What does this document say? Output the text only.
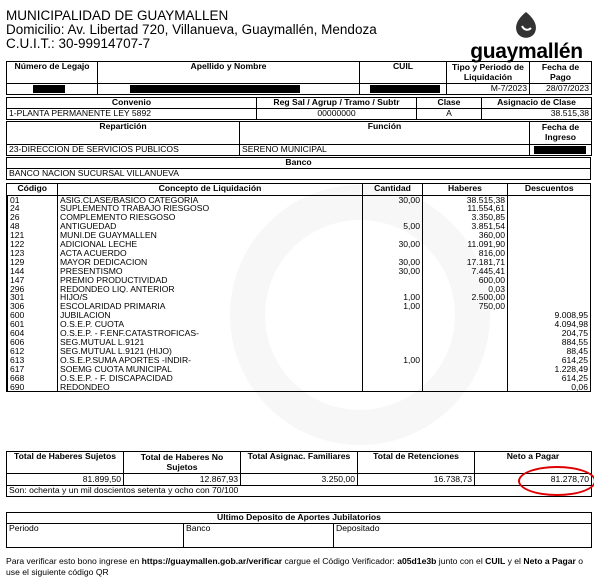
MUNICIPALIDAD DE GUAYMALLEN
Domicilio: Av. Libertad 720, Villanueva, Guaymallén, Mendoza
C.U.I.T.: 30-99914707-7	guaymallén
Número de Legajo	Apellido y Nombre	CUIL	Tipo y Periodo de Liquidación	Fecha de Pago
			M-7/2023	28/07/2023
Convenio	Reg Sal / Agrup / Tramo / Subtr	Clase	Asignacio de Clase
1-PLANTA PERMANENTE LEY 5892	00000000	A	38.515,38
Repartición	Función	Fecha de Ingreso
23-DIRECCION DE SERVICIOS PUBLICOS	SERENO MUNICIPAL	
Banco
BANCO NACION SUCURSAL VILLANUEVA
Código	Concepto de Liquidación	Cantidad	Haberes	Descuentos
01	ASIG.CLASE/BASICO CATEGORIA	30,00	38.515,38	
24	SUPLEMENTO TRABAJO RIESGOSO		11.554,61	
26	COMPLEMENTO RIESGOSO		3.350,85	
48	ANTIGUEDAD	5,00	3.851,54	
121	MUNI.DE GUAYMALLEN		360,00	
122	ADICIONAL LECHE	30,00	11.091,90	
123	ACTA ACUERDO		816,00	
129	MAYOR DEDICACION	30,00	17.181,71	
144	PRESENTISMO	30,00	7.445,41	
147	PREMIO PRODUCTIVIDAD		600,00	
296	REDONDEO LIQ. ANTERIOR		0,03	
301	HIJO/S	1,00	2.500,00	
306	ESCOLARIDAD PRIMARIA	1,00	750,00	
600	JUBILACION			9.008,95
601	O.S.E.P. CUOTA			4.094,98
604	O.S.E.P. - F.ENF.CATASTROFICAS-			204,75
606	SEG.MUTUAL L.9121			884,55
612	SEG.MUTUAL L.9121 (HIJO)			88,45
613	O.S.E.P.SUMA APORTES -INDIR-	1,00		614,25
617	SOEMG CUOTA MUNICIPAL			1.228,49
668	O.S.E.P. - F. DISCAPACIDAD			614,25
690	REDONDEO			0,06
Total de Haberes Sujetos	Total de Haberes No Sujetos	Total Asignac. Familiares	Total de Retenciones	Neto a Pagar
81.899,50	12.867,93	3.250,00	16.738,73	81.278,70
Son: ochenta y un mil doscientos setenta y ocho con 70/100				
Ultimo Deposito de Aportes Jubilatorios
Periodo	Banco	Depositado
Para verificar esto bono ingrese en https://guaymallen.gob.ar/verificar cargue el Código Verificador: a05d1e3b junto con el CUIL y el Neto a Pagar o use el siguiente código QR
